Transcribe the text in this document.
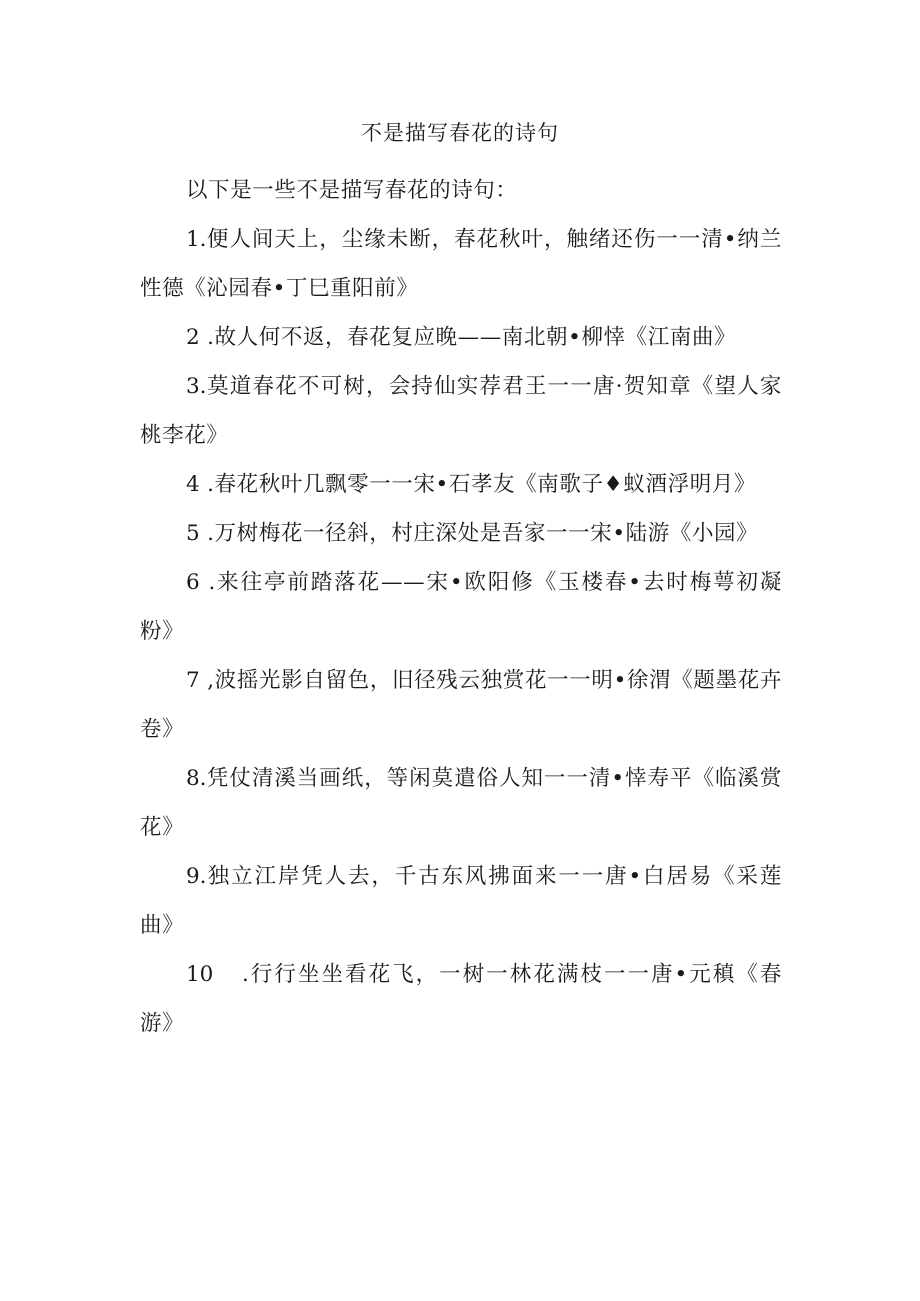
不是描写春花的诗句

以下是一些不是描写春花的诗句：

1.便人间天上，尘缘未断，春花秋叶，触绪还伤一一清•纳兰性德《沁园春•丁巳重阳前》

2 .故人何不返，春花复应晚——南北朝•柳悻《江南曲》

3.莫道春花不可树，会持仙实荐君王一一唐·贺知章《望人家桃李花》

4 .春花秋叶几飘零一一宋•石孝友《南歌子♦蚁酒浮明月》

5 .万树梅花一径斜，村庄深处是吾家一一宋•陆游《小园》

6 .来往亭前踏落花——宋•欧阳修《玉楼春•去时梅萼初凝粉》

7 ,波摇光影自留色，旧径残云独赏花一一明•徐渭《题墨花卉卷》

8.凭仗清溪当画纸，等闲莫遣俗人知一一清•悻寿平《临溪赏花》

9.独立江岸凭人去，千古东风拂面来一一唐•白居易《采莲曲》

10 .行行坐坐看花飞，一树一林花满枝一一唐•元稹《春游》
